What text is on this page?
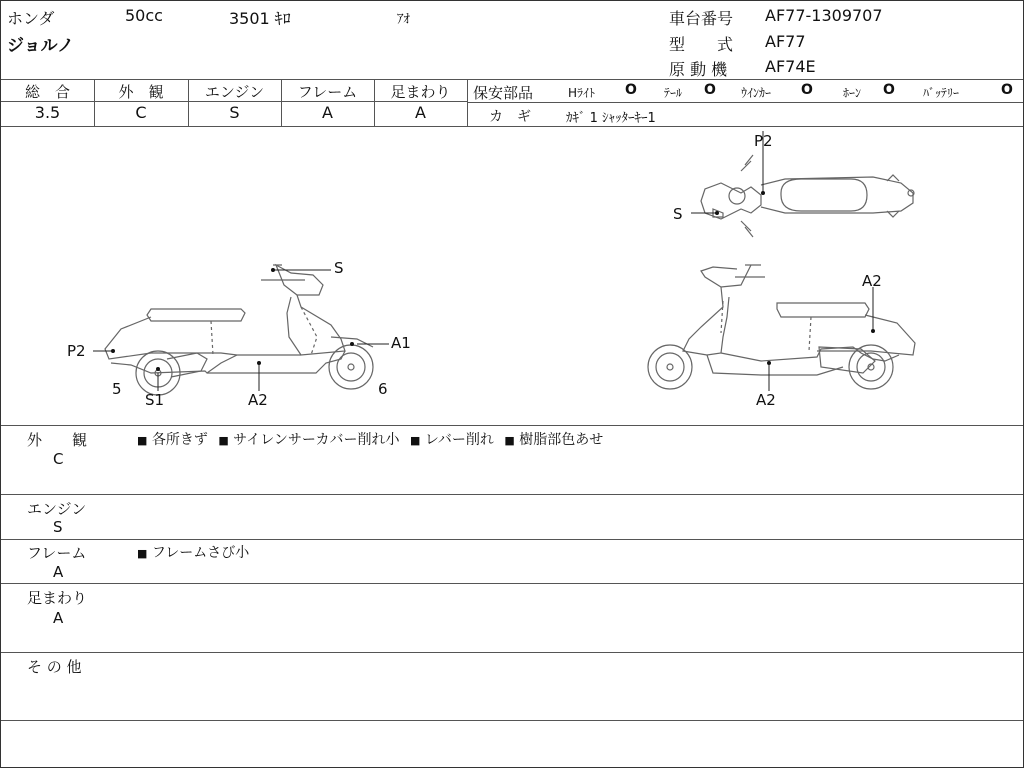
ホンダ	50cc	3501 ｷﾛ	ｱｵ
ジョルノ
車台番号 AF77-1309707
型　　式 AF77
原 動 機 AF74E
総　合
3.5
外　観
C
エンジン
S
フレーム
A
足まわり
A
保安部品	Hﾗｲﾄ O ﾃｰﾙ O ｳｲﾝｶｰ O	ﾎｰﾝ O ﾊﾞｯﾃﾘｰ	O
カ　ギ	ｶｷﾞ 1 ｼｬｯﾀｰｷｰ1
S
A1
P2
5
S1	A2
6
P2
S
A2
A2
外　　観
C
■ 各所きず ■ サイレンサーカバー削れ小 ■ レバー削れ ■ 樹脂部色あせ
エンジン
S
フレーム
A
■ フレームさび小
足まわり
A
そ の 他
